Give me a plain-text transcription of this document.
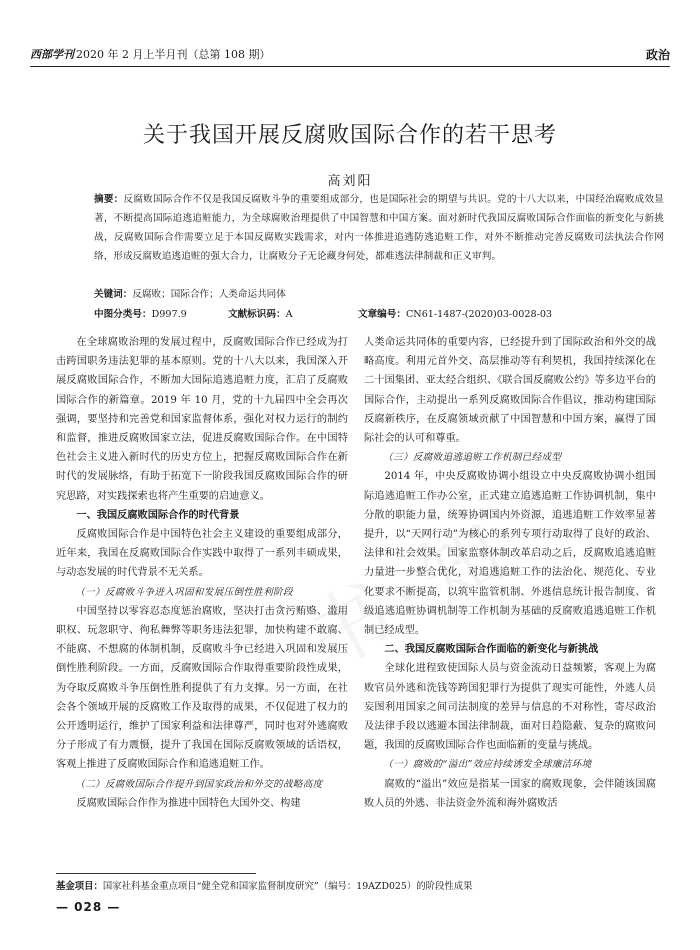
西部学刊 2020 年 2 月上半月刊（总第 108 期）	政治
关于我国开展反腐败国际合作的若干思考
高刘阳
摘要：反腐败国际合作不仅是我国反腐败斗争的重要组成部分，也是国际社会的期望与共识。党的十八大以来，中国经治腐败成效显著，不断提高国际追逃追赃能力，为全球腐败治理提供了中国智慧和中国方案。面对新时代我国反腐败国际合作面临的新变化与新挑战，反腐败国际合作需要立足于本国反腐败实践需求，对内一体推进追逃防逃追赃工作，对外不断推动完善反腐败司法执法合作网络，形成反腐败追逃追赃的强大合力，让腐败分子无论藏身何处，都难逃法律制裁和正义审判。
关键词：反腐败；国际合作；人类命运共同体
中图分类号：D997.9	文献标识码：A	文章编号：CN61-1487-(2020)03-0028-03

在全球腐败治理的发展过程中，反腐败国际合作已经成为打击跨国职务违法犯罪的基本原则。党的十八大以来，我国深入开展反腐败国际合作，不断加大国际追逃追赃力度，汇启了反腐败国际合作的新篇章。2019 年 10 月，党的十九届四中全会再次强调，要坚持和完善党和国家监督体系，强化对权力运行的制约和监督，推进反腐败国家立法，促进反腐败国际合作。在中国特色社会主义进入新时代的历史方位上，把握反腐败国际合作在新时代的发展脉络，有助于拓宽下一阶段我国反腐败国际合作的研究思路，对实践探索也将产生重要的启迪意义。

一、我国反腐败国际合作的时代背景

反腐败国际合作是中国特色社会主义建设的重要组成部分，近年来，我国在反腐败国际合作实践中取得了一系列丰硕成果，与动态发展的时代背景不无关系。

（一）反腐败斗争进入巩固和发展压倒性胜利阶段

中国坚持以零容忍态度惩治腐败，坚决打击贪污贿赂、滥用职权、玩忽职守、徇私舞弊等职务违法犯罪，加快构建不敢腐、不能腐、不想腐的体制机制，反腐败斗争已经进入巩固和发展压倒性胜利阶段。一方面，反腐败国际合作取得重要阶段性成果，为夺取反腐败斗争压倒性胜利提供了有力支撑。另一方面，在社会各个领域开展的反腐败工作及取得的成果，不仅促进了权力的公开透明运行，维护了国家利益和法律尊严，同时也对外逃腐败分子形成了有力震慑，提升了我国在国际反腐败领域的话语权，客观上推进了反腐败国际合作和追逃追赃工作。

（二）反腐败国际合作提升到国家政治和外交的战略高度

反腐败国际合作作为推进中国特色大国外交、构建

人类命运共同体的重要内容，已经提升到了国际政治和外交的战略高度。利用元首外交、高层推动等有利契机，我国持续深化在二十国集团、亚太经合组织、《联合国反腐败公约》等多边平台的国际合作，主动提出一系列反腐败国际合作倡议，推动构建国际反腐新秩序，在反腐领域贡献了中国智慧和中国方案，赢得了国际社会的认可和尊重。

（三）反腐败追逃追赃工作机制已经成型

2014 年，中央反腐败协调小组设立中央反腐败协调小组国际追逃追赃工作办公室，正式建立追逃追赃工作协调机制，集中分散的职能力量，统筹协调国内外资源，追逃追赃工作效率显著提升，以“天网行动”为核心的系列专项行动取得了良好的政治、法律和社会效果。国家监察体制改革启动之后，反腐败追逃追赃力量进一步整合优化，对追逃追赃工作的法治化、规范化、专业化要求不断提高，以筑牢监管机制、外逃信息统计报告制度、省级追逃追赃协调机制等工作机制为基础的反腐败追逃追赃工作机制已经成型。

二、我国反腐败国际合作面临的新变化与新挑战

全球化进程致使国际人员与资金流动日益频繁，客观上为腐败官员外逃和洗钱等跨国犯罪行为提供了现实可能性，外逃人员妄图利用国家之间司法制度的差异与信息的不对称性，寄尽政治及法律手段以逃避本国法律制裁，面对日趋隐蔽、复杂的腐败问题，我国的反腐败国际合作也面临新的变量与挑战。

（一）腐败的“溢出”效应持续诱发全球廉洁环境

腐败的“溢出”效应是指某一国家的腐败现象，会伴随该国腐败人员的外逃、非法资金外流和海外腐败活

基金项目：国家社科基金重点项目“健全党和国家监督制度研究”（编号：19AZD025）的阶段性成果
— 028 —
